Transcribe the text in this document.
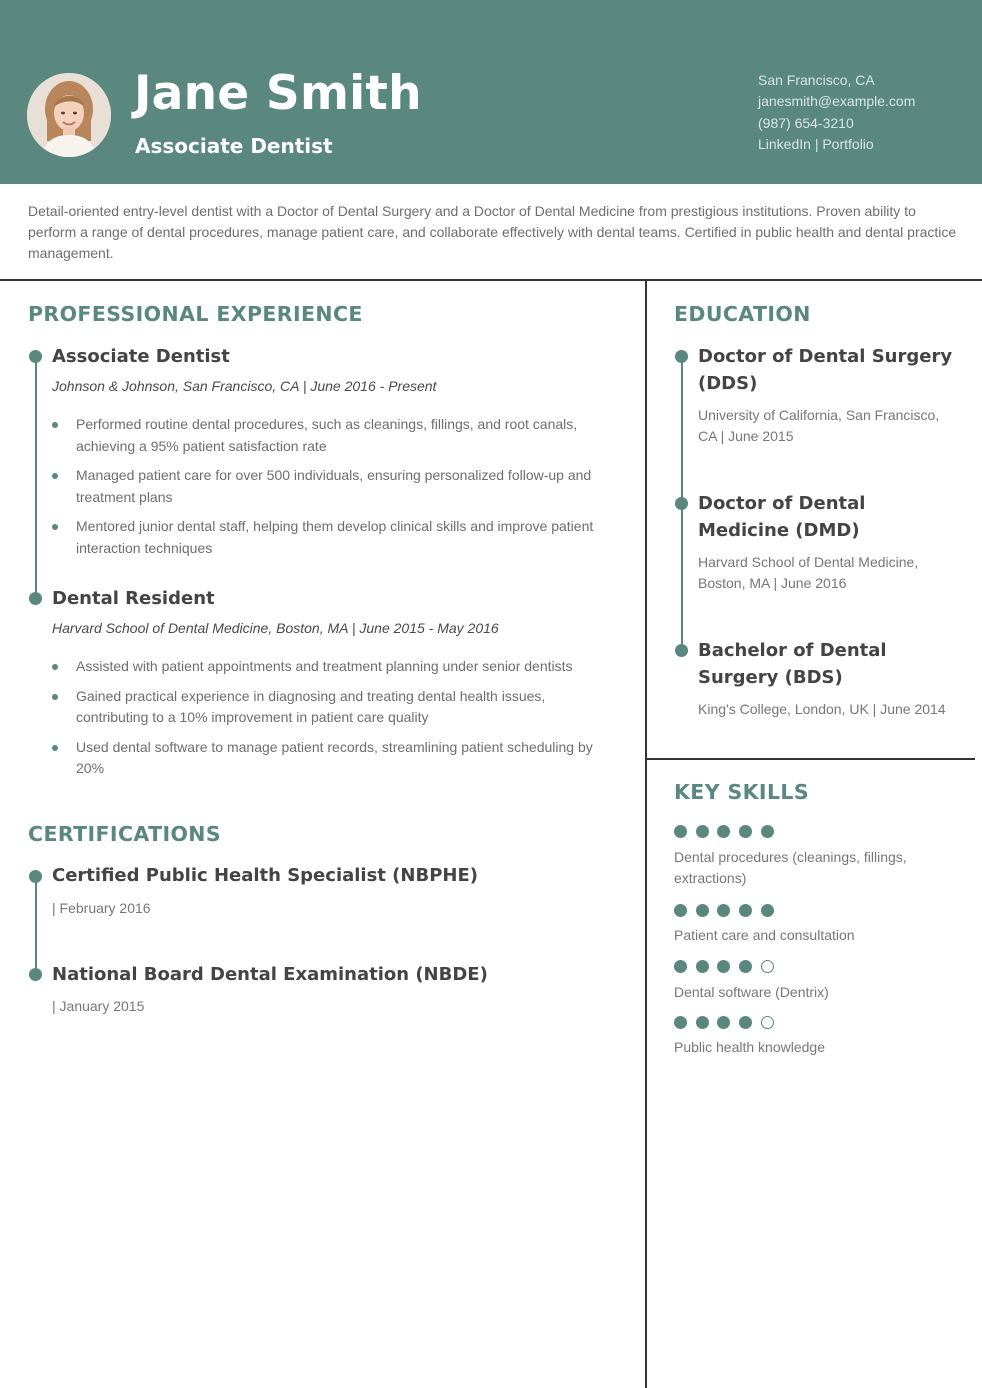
Jane Smith
Associate Dentist
San Francisco, CA
janesmith@example.com
(987) 654-3210
LinkedIn | Portfolio
Detail-oriented entry-level dentist with a Doctor of Dental Surgery and a Doctor of Dental Medicine from prestigious institutions. Proven ability to perform a range of dental procedures, manage patient care, and collaborate effectively with dental teams. Certified in public health and dental practice management.
PROFESSIONAL EXPERIENCE
Associate Dentist
Johnson & Johnson, San Francisco, CA | June 2016 - Present
Performed routine dental procedures, such as cleanings, fillings, and root canals, achieving a 95% patient satisfaction rate
Managed patient care for over 500 individuals, ensuring personalized follow-up and treatment plans
Mentored junior dental staff, helping them develop clinical skills and improve patient interaction techniques
Dental Resident
Harvard School of Dental Medicine, Boston, MA | June 2015 - May 2016
Assisted with patient appointments and treatment planning under senior dentists
Gained practical experience in diagnosing and treating dental health issues, contributing to a 10% improvement in patient care quality
Used dental software to manage patient records, streamlining patient scheduling by 20%
CERTIFICATIONS
Certified Public Health Specialist (NBPHE)
| February 2016
National Board Dental Examination (NBDE)
| January 2015
EDUCATION
Doctor of Dental Surgery
(DDS)
University of California, San Francisco,
CA | June 2015
Doctor of Dental
Medicine (DMD)
Harvard School of Dental Medicine,
Boston, MA | June 2016
Bachelor of Dental
Surgery (BDS)
King's College, London, UK | June 2014
KEY SKILLS
Dental procedures (cleanings, fillings,
extractions)
Patient care and consultation
Dental software (Dentrix)
Public health knowledge
